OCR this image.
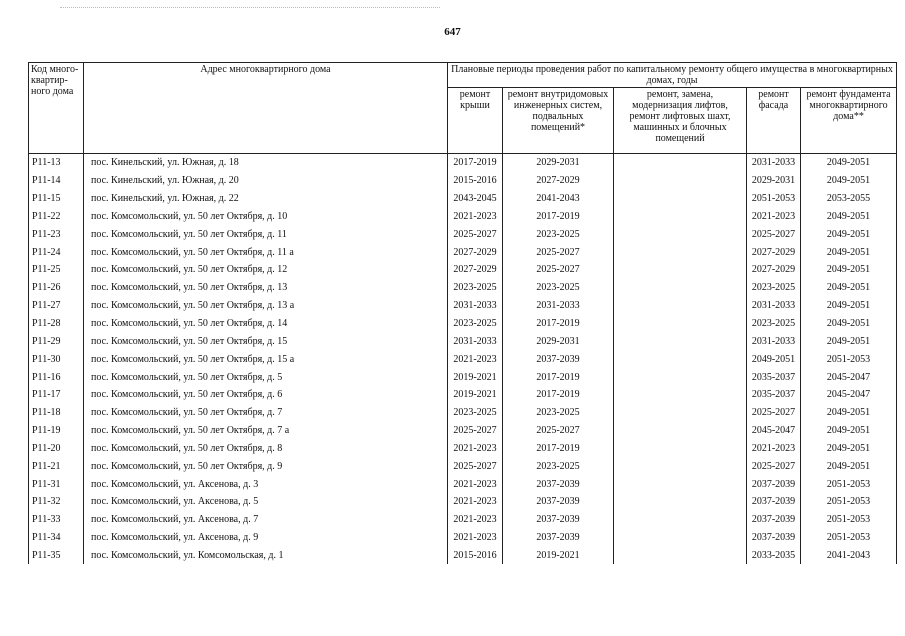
647
Код много-квартир-ного дома	Адрес многоквартирного дома	Плановые периоды проведения работ по капитальному ремонту общего имущества в многоквартирных домах, годы				
		ремонт крыши	ремонт внутридомовых инженерных систем, подвальных помещений*	ремонт, замена, модернизация лифтов, ремонт лифтовых шахт, машинных и блочных помещений	ремонт фасада	ремонт фундамента многоквартирного дома**
Р11-13	пос. Кинельский, ул. Южная, д. 18	2017-2019	2029-2031		2031-2033	2049-2051
Р11-14	пос. Кинельский, ул. Южная, д. 20	2015-2016	2027-2029		2029-2031	2049-2051
Р11-15	пос. Кинельский, ул. Южная, д. 22	2043-2045	2041-2043		2051-2053	2053-2055
Р11-22	пос. Комсомольский, ул. 50 лет Октября, д. 10	2021-2023	2017-2019		2021-2023	2049-2051
Р11-23	пос. Комсомольский, ул. 50 лет Октября, д. 11	2025-2027	2023-2025		2025-2027	2049-2051
Р11-24	пос. Комсомольский, ул. 50 лет Октября, д. 11 а	2027-2029	2025-2027		2027-2029	2049-2051
Р11-25	пос. Комсомольский, ул. 50 лет Октября, д. 12	2027-2029	2025-2027		2027-2029	2049-2051
Р11-26	пос. Комсомольский, ул. 50 лет Октября, д. 13	2023-2025	2023-2025		2023-2025	2049-2051
Р11-27	пос. Комсомольский, ул. 50 лет Октября, д. 13 а	2031-2033	2031-2033		2031-2033	2049-2051
Р11-28	пос. Комсомольский, ул. 50 лет Октября, д. 14	2023-2025	2017-2019		2023-2025	2049-2051
Р11-29	пос. Комсомольский, ул. 50 лет Октября, д. 15	2031-2033	2029-2031		2031-2033	2049-2051
Р11-30	пос. Комсомольский, ул. 50 лет Октября, д. 15 а	2021-2023	2037-2039		2049-2051	2051-2053
Р11-16	пос. Комсомольский, ул. 50 лет Октября, д. 5	2019-2021	2017-2019		2035-2037	2045-2047
Р11-17	пос. Комсомольский, ул. 50 лет Октября, д. 6	2019-2021	2017-2019		2035-2037	2045-2047
Р11-18	пос. Комсомольский, ул. 50 лет Октября, д. 7	2023-2025	2023-2025		2025-2027	2049-2051
Р11-19	пос. Комсомольский, ул. 50 лет Октября, д. 7 а	2025-2027	2025-2027		2045-2047	2049-2051
Р11-20	пос. Комсомольский, ул. 50 лет Октября, д. 8	2021-2023	2017-2019		2021-2023	2049-2051
Р11-21	пос. Комсомольский, ул. 50 лет Октября, д. 9	2025-2027	2023-2025		2025-2027	2049-2051
Р11-31	пос. Комсомольский, ул. Аксенова, д. 3	2021-2023	2037-2039		2037-2039	2051-2053
Р11-32	пос. Комсомольский, ул. Аксенова, д. 5	2021-2023	2037-2039		2037-2039	2051-2053
Р11-33	пос. Комсомольский, ул. Аксенова, д. 7	2021-2023	2037-2039		2037-2039	2051-2053
Р11-34	пос. Комсомольский, ул. Аксенова, д. 9	2021-2023	2037-2039		2037-2039	2051-2053
Р11-35	пос. Комсомольский, ул. Комсомольская, д. 1	2015-2016	2019-2021		2033-2035	2041-2043
